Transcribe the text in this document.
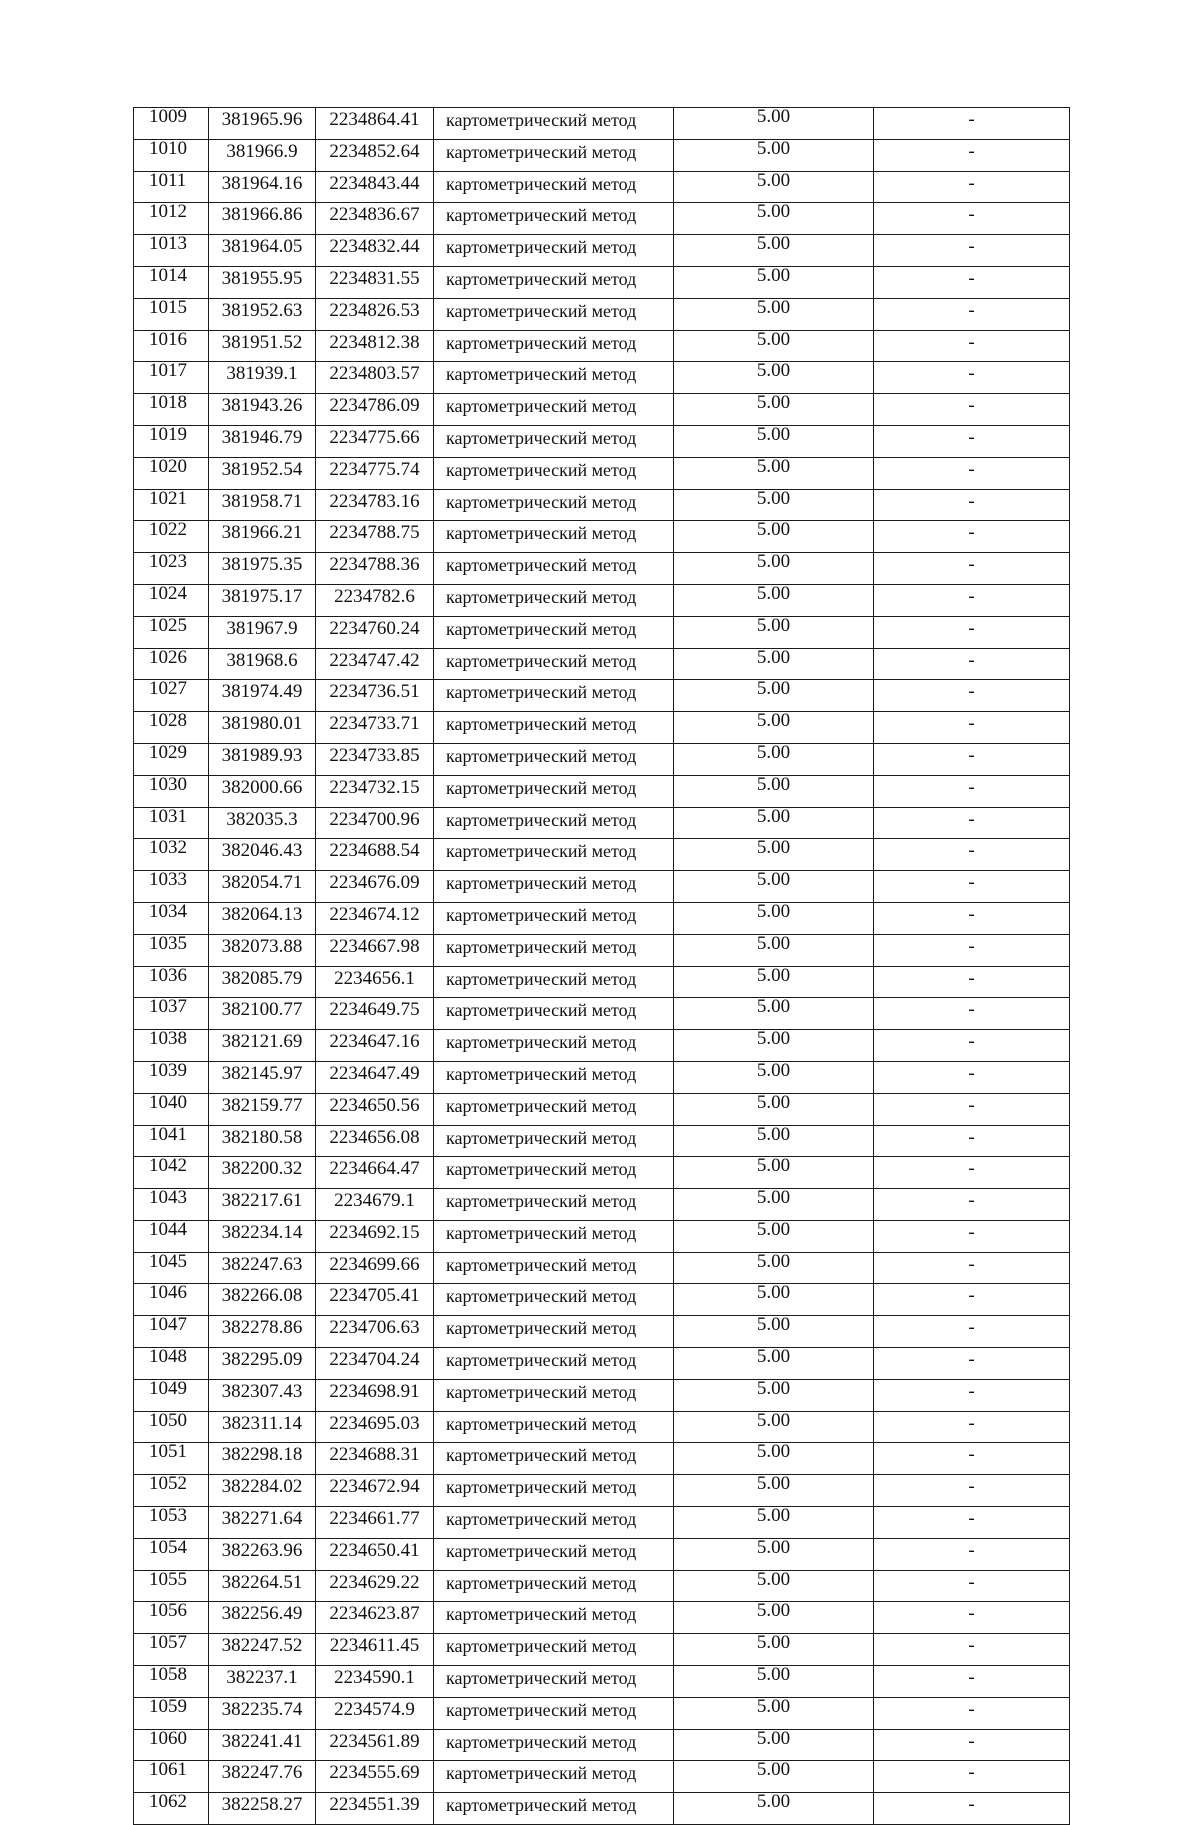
1009	381965.96	2234864.41	картометрический метод	5.00	-
1010	381966.9	2234852.64	картометрический метод	5.00	-
1011	381964.16	2234843.44	картометрический метод	5.00	-
1012	381966.86	2234836.67	картометрический метод	5.00	-
1013	381964.05	2234832.44	картометрический метод	5.00	-
1014	381955.95	2234831.55	картометрический метод	5.00	-
1015	381952.63	2234826.53	картометрический метод	5.00	-
1016	381951.52	2234812.38	картометрический метод	5.00	-
1017	381939.1	2234803.57	картометрический метод	5.00	-
1018	381943.26	2234786.09	картометрический метод	5.00	-
1019	381946.79	2234775.66	картометрический метод	5.00	-
1020	381952.54	2234775.74	картометрический метод	5.00	-
1021	381958.71	2234783.16	картометрический метод	5.00	-
1022	381966.21	2234788.75	картометрический метод	5.00	-
1023	381975.35	2234788.36	картометрический метод	5.00	-
1024	381975.17	2234782.6	картометрический метод	5.00	-
1025	381967.9	2234760.24	картометрический метод	5.00	-
1026	381968.6	2234747.42	картометрический метод	5.00	-
1027	381974.49	2234736.51	картометрический метод	5.00	-
1028	381980.01	2234733.71	картометрический метод	5.00	-
1029	381989.93	2234733.85	картометрический метод	5.00	-
1030	382000.66	2234732.15	картометрический метод	5.00	-
1031	382035.3	2234700.96	картометрический метод	5.00	-
1032	382046.43	2234688.54	картометрический метод	5.00	-
1033	382054.71	2234676.09	картометрический метод	5.00	-
1034	382064.13	2234674.12	картометрический метод	5.00	-
1035	382073.88	2234667.98	картометрический метод	5.00	-
1036	382085.79	2234656.1	картометрический метод	5.00	-
1037	382100.77	2234649.75	картометрический метод	5.00	-
1038	382121.69	2234647.16	картометрический метод	5.00	-
1039	382145.97	2234647.49	картометрический метод	5.00	-
1040	382159.77	2234650.56	картометрический метод	5.00	-
1041	382180.58	2234656.08	картометрический метод	5.00	-
1042	382200.32	2234664.47	картометрический метод	5.00	-
1043	382217.61	2234679.1	картометрический метод	5.00	-
1044	382234.14	2234692.15	картометрический метод	5.00	-
1045	382247.63	2234699.66	картометрический метод	5.00	-
1046	382266.08	2234705.41	картометрический метод	5.00	-
1047	382278.86	2234706.63	картометрический метод	5.00	-
1048	382295.09	2234704.24	картометрический метод	5.00	-
1049	382307.43	2234698.91	картометрический метод	5.00	-
1050	382311.14	2234695.03	картометрический метод	5.00	-
1051	382298.18	2234688.31	картометрический метод	5.00	-
1052	382284.02	2234672.94	картометрический метод	5.00	-
1053	382271.64	2234661.77	картометрический метод	5.00	-
1054	382263.96	2234650.41	картометрический метод	5.00	-
1055	382264.51	2234629.22	картометрический метод	5.00	-
1056	382256.49	2234623.87	картометрический метод	5.00	-
1057	382247.52	2234611.45	картометрический метод	5.00	-
1058	382237.1	2234590.1	картометрический метод	5.00	-
1059	382235.74	2234574.9	картометрический метод	5.00	-
1060	382241.41	2234561.89	картометрический метод	5.00	-
1061	382247.76	2234555.69	картометрический метод	5.00	-
1062	382258.27	2234551.39	картометрический метод	5.00	-
